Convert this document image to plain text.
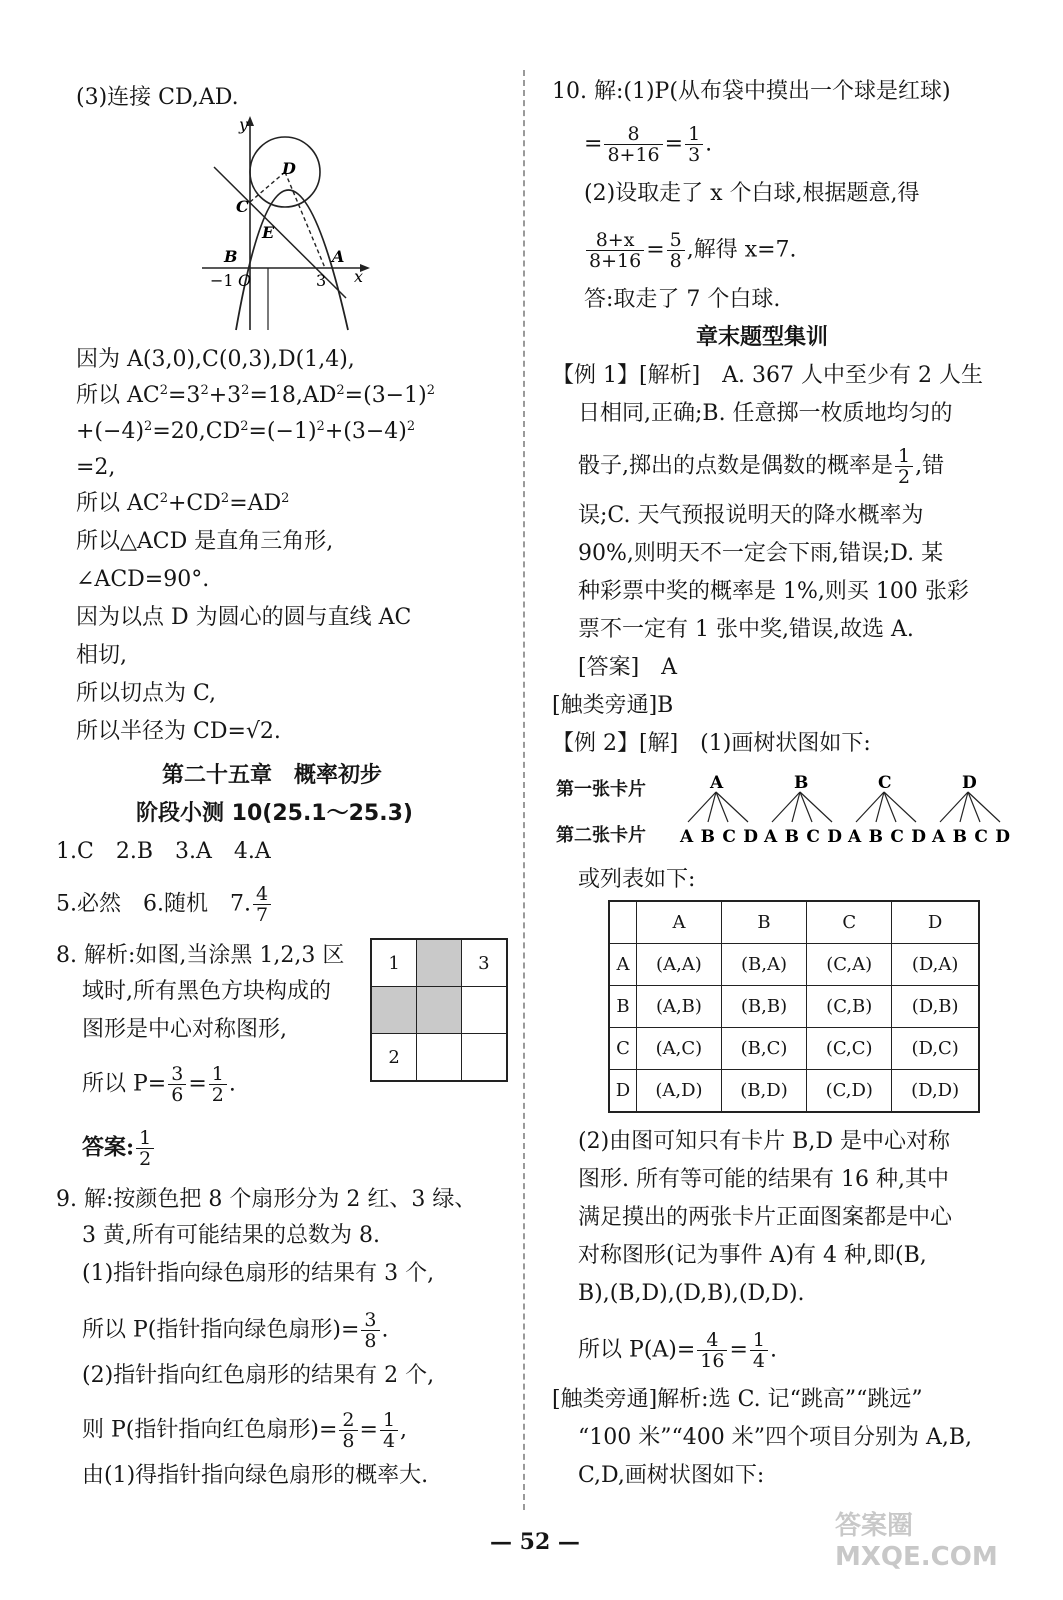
(3)连接 CD,AD.
y
x
D
C
E
B	A
−1 O	3
因为 A(3,0),C(0,3),D(1,4),
所以 $AC^2=3^2+3^2=18,AD^2=(3-1)^2$
$+(-4)^2=20,CD^2=(-1)^2+(3-4)^2$
=2,
所以 $AC^2+CD^2=AD^2$
所以△ACD 是直角三角形,
∠ACD=90°.
因为以点 D 为圆心的圆与直线 AC
相切,
所以切点为 C,
所以半径为 CD=√2.
第二十五章　概率初步
阶段小测 10(25.1～25.3)
1.C　2.B　3.A　4.A
5.必然　6.随机　7. $\frac{4}{7}$
8. 解析:如图,当涂黑 1,2,3 区
域时,所有黑色方块构成的
图形是中心对称图形,
所以 $P= \frac{3}{6} = \frac{1}{2}$ .
答案: $\frac{1}{2}$
1		3

2		
9. 解:按颜色把 8 个扇形分为 2 红、3 绿、
3 黄,所有可能结果的总数为 8.
(1)指针指向绿色扇形的结果有 3 个,
所以 P(指针指向绿色扇形)= $\frac{3}{8}$ .
(2)指针指向红色扇形的结果有 2 个,
则 P(指针指向红色扇形)= $\frac{2}{8} = \frac{1}{4}$ ,
由(1)得指针指向绿色扇形的概率大.
10. 解:(1)P(从布袋中摸出一个球是红球)
= $\frac{8}{8+16} = \frac{1}{3}$ .
(2)设取走了 x 个白球,根据题意,得
$\frac{8+x}{8+16} = \frac{5}{8}$ ,解得 x=7.
答:取走了 7 个白球.
章末题型集训
【例 1】[解析]　A. 367 人中至少有 2 人生
日相同,正确;B. 任意掷一枚质地均匀的
骰子,掷出的点数是偶数的概率是 $\frac{1}{2}$ ,错
误;C. 天气预报说明天的降水概率为
90%,则明天不一定会下雨,错误;D. 某
种彩票中奖的概率是 1%,则买 100 张彩
票不一定有 1 张中奖,错误,故选 A.
[答案]　A
[触类旁通]B
【例 2】[解]　(1)画树状图如下:
第一张卡片
第二张卡片
A
A B C D
B
A B C D
C
A B C D
D
A B C D
或列表如下:
	A	B	C	D
A	(A,A)	(B,A)	(C,A)	(D,A)
B	(A,B)	(B,B)	(C,B)	(D,B)
C	(A,C)	(B,C)	(C,C)	(D,C)
D	(A,D)	(B,D)	(C,D)	(D,D)
(2)由图可知只有卡片 B,D 是中心对称
图形. 所有等可能的结果有 16 种,其中
满足摸出的两张卡片正面图案都是中心
对称图形(记为事件 A)有 4 种,即(B,
B),(B,D),(D,B),(D,D).
所以 $P(A)= \frac{4}{16} = \frac{1}{4}$ .
[触类旁通]解析:选 C. 记“跳高”“跳远”
“100 米”“400 米”四个项目分别为 A,B,
C,D,画树状图如下:
— 52 —
答案圈 MXQE.COM
